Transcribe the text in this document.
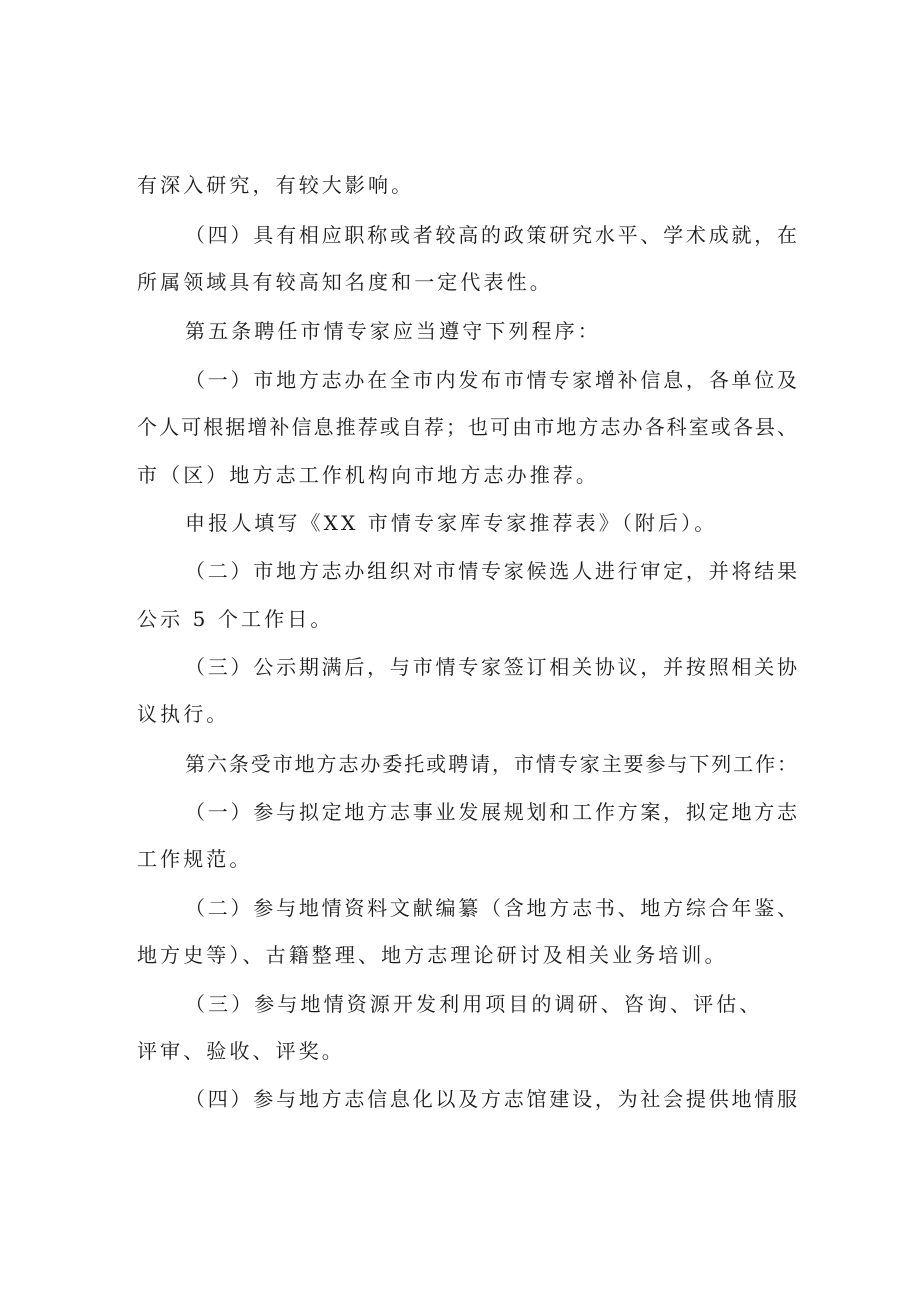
有深入研究，有较大影响。
（四）具有相应职称或者较高的政策研究水平、学术成就，在
所属领域具有较高知名度和一定代表性。
第五条聘任市情专家应当遵守下列程序：
（一）市地方志办在全市内发布市情专家增补信息，各单位及
个人可根据增补信息推荐或自荐；也可由市地方志办各科室或各县、
市（区）地方志工作机构向市地方志办推荐。
申报人填写《XX 市情专家库专家推荐表》（附后）。
（二）市地方志办组织对市情专家候选人进行审定，并将结果
公示 5 个工作日。
（三）公示期满后，与市情专家签订相关协议，并按照相关协
议执行。
第六条受市地方志办委托或聘请，市情专家主要参与下列工作：
（一）参与拟定地方志事业发展规划和工作方案，拟定地方志
工作规范。
（二）参与地情资料文献编纂（含地方志书、地方综合年鉴、
地方史等）、古籍整理、地方志理论研讨及相关业务培训。
（三）参与地情资源开发利用项目的调研、咨询、评估、
评审、验收、评奖。
（四）参与地方志信息化以及方志馆建设，为社会提供地情服
